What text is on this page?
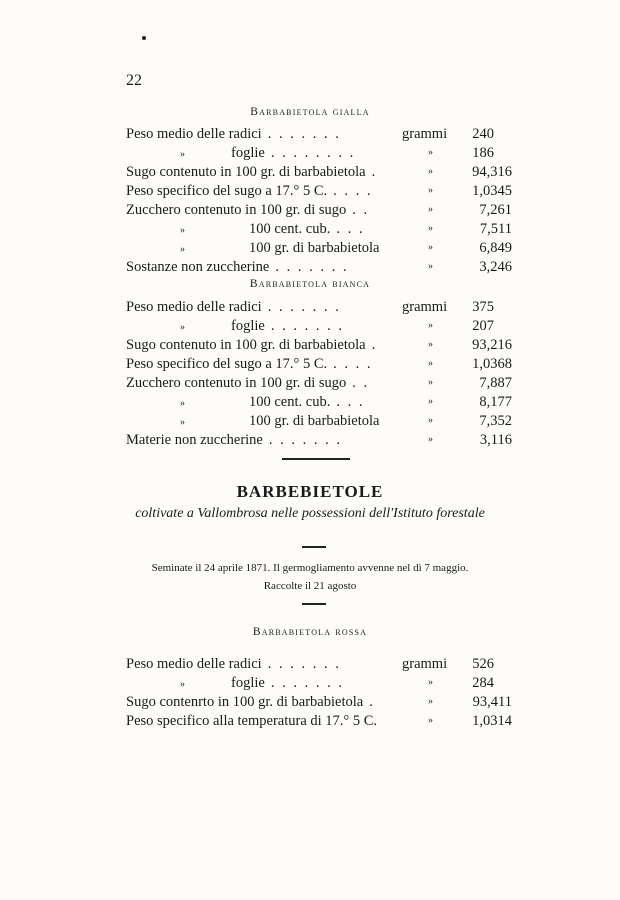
22
Barbabietola gialla
Peso medio delle radici . . . . . . .	grammi 240
»	foglie . . . . . . . .	»	186
Sugo contenuto in 100 gr. di barbabietola .	»	94,316
Peso specifico del sugo a 17.° 5 C. . . . .	»	1,0345
Zucchero contenuto in 100 gr. di sugo . .	»	7,261
»	100 cent. cub. . . .	»	7,511
»	100 gr. di barbabietola	»	6,849
Sostanze non zuccherine . . . . . . .	»	3,246
Barbabietola bianca
Peso medio delle radici . . . . . . .	grammi 375
»	foglie . . . . . . .	»	207
Sugo contenuto in 100 gr. di barbabietola .	»	93,216
Peso specifico del sugo a 17.° 5 C. . . . .	»	1,0368
Zucchero contenuto in 100 gr. di sugo . .	»	7,887
»	100 cent. cub. . . .	»	8,177
»	100 gr. di barbabietola	»	7,352
Materie non zuccherine . . . . . . .	»	3,116
BARBEBIETOLE
coltivate a Vallombrosa nelle possessioni dell'Istituto forestale
Seminate il 24 aprile 1871. Il germogliamento avvenne nel dì 7 maggio.
Raccolte il 21 agosto
Barbabietola rossa
Peso medio delle radici . . . . . . .	grammi 526
»	foglie . . . . . . .	»	284
Sugo contenrto in 100 gr. di barbabietola .	»	93,411
Peso specifico alla temperatura di 17.° 5 C.	»	1,0314
